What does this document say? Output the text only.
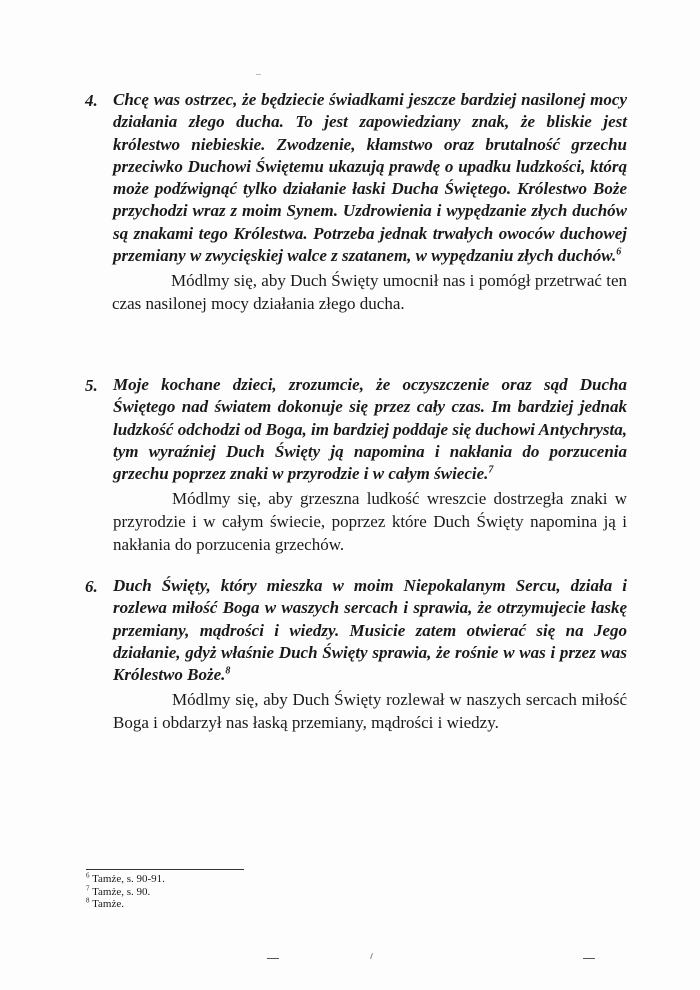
4. Chcę was ostrzec, że będziecie świadkami jeszcze bardziej nasilonej mocy działania złego ducha. To jest zapowiedziany znak, że bliskie jest królestwo niebieskie. Zwodzenie, kłamstwo oraz brutalność grzechu przeciwko Duchowi Świętemu ukazują prawdę o upadku ludzkości, którą może podźwignąć tylko działanie łaski Ducha Świętego. Królestwo Boże przychodzi wraz z moim Synem. Uzdrowienia i wypędzanie złych duchów są znakami tego Królestwa. Potrzeba jednak trwałych owoców duchowej przemiany w zwycięskiej walce z szatanem, w wypędzaniu złych duchów.$^6$

Módlmy się, aby Duch Święty umocnił nas i pomógł przetrwać ten czas nasilonej mocy działania złego ducha.

5. Moje kochane dzieci, zrozumcie, że oczyszczenie oraz sąd Ducha Świętego nad światem dokonuje się przez cały czas. Im bardziej jednak ludzkość odchodzi od Boga, im bardziej poddaje się duchowi Antychrysta, tym wyraźniej Duch Święty ją napomina i nakłania do porzucenia grzechu poprzez znaki w przyrodzie i w całym świecie.$^7$

Módlmy się, aby grzeszna ludkość wreszcie dostrzegła znaki w przyrodzie i w całym świecie, poprzez które Duch Święty napomina ją i nakłania do porzucenia grzechów.

6. Duch Święty, który mieszka w moim Niepokalanym Sercu, działa i rozlewa miłość Boga w waszych sercach i sprawia, że otrzymujecie łaskę przemiany, mądrości i wiedzy. Musicie zatem otwierać się na Jego działanie, gdyż właśnie Duch Święty sprawia, że rośnie w was i przez was Królestwo Boże.$^8$

Módlmy się, aby Duch Święty rozlewał w naszych sercach miłość Boga i obdarzył nas łaską przemiany, mądrości i wiedzy.

$^6$ Tamże, s. 90-91.
$^7$ Tamże, s. 90.
$^8$ Tamże.
